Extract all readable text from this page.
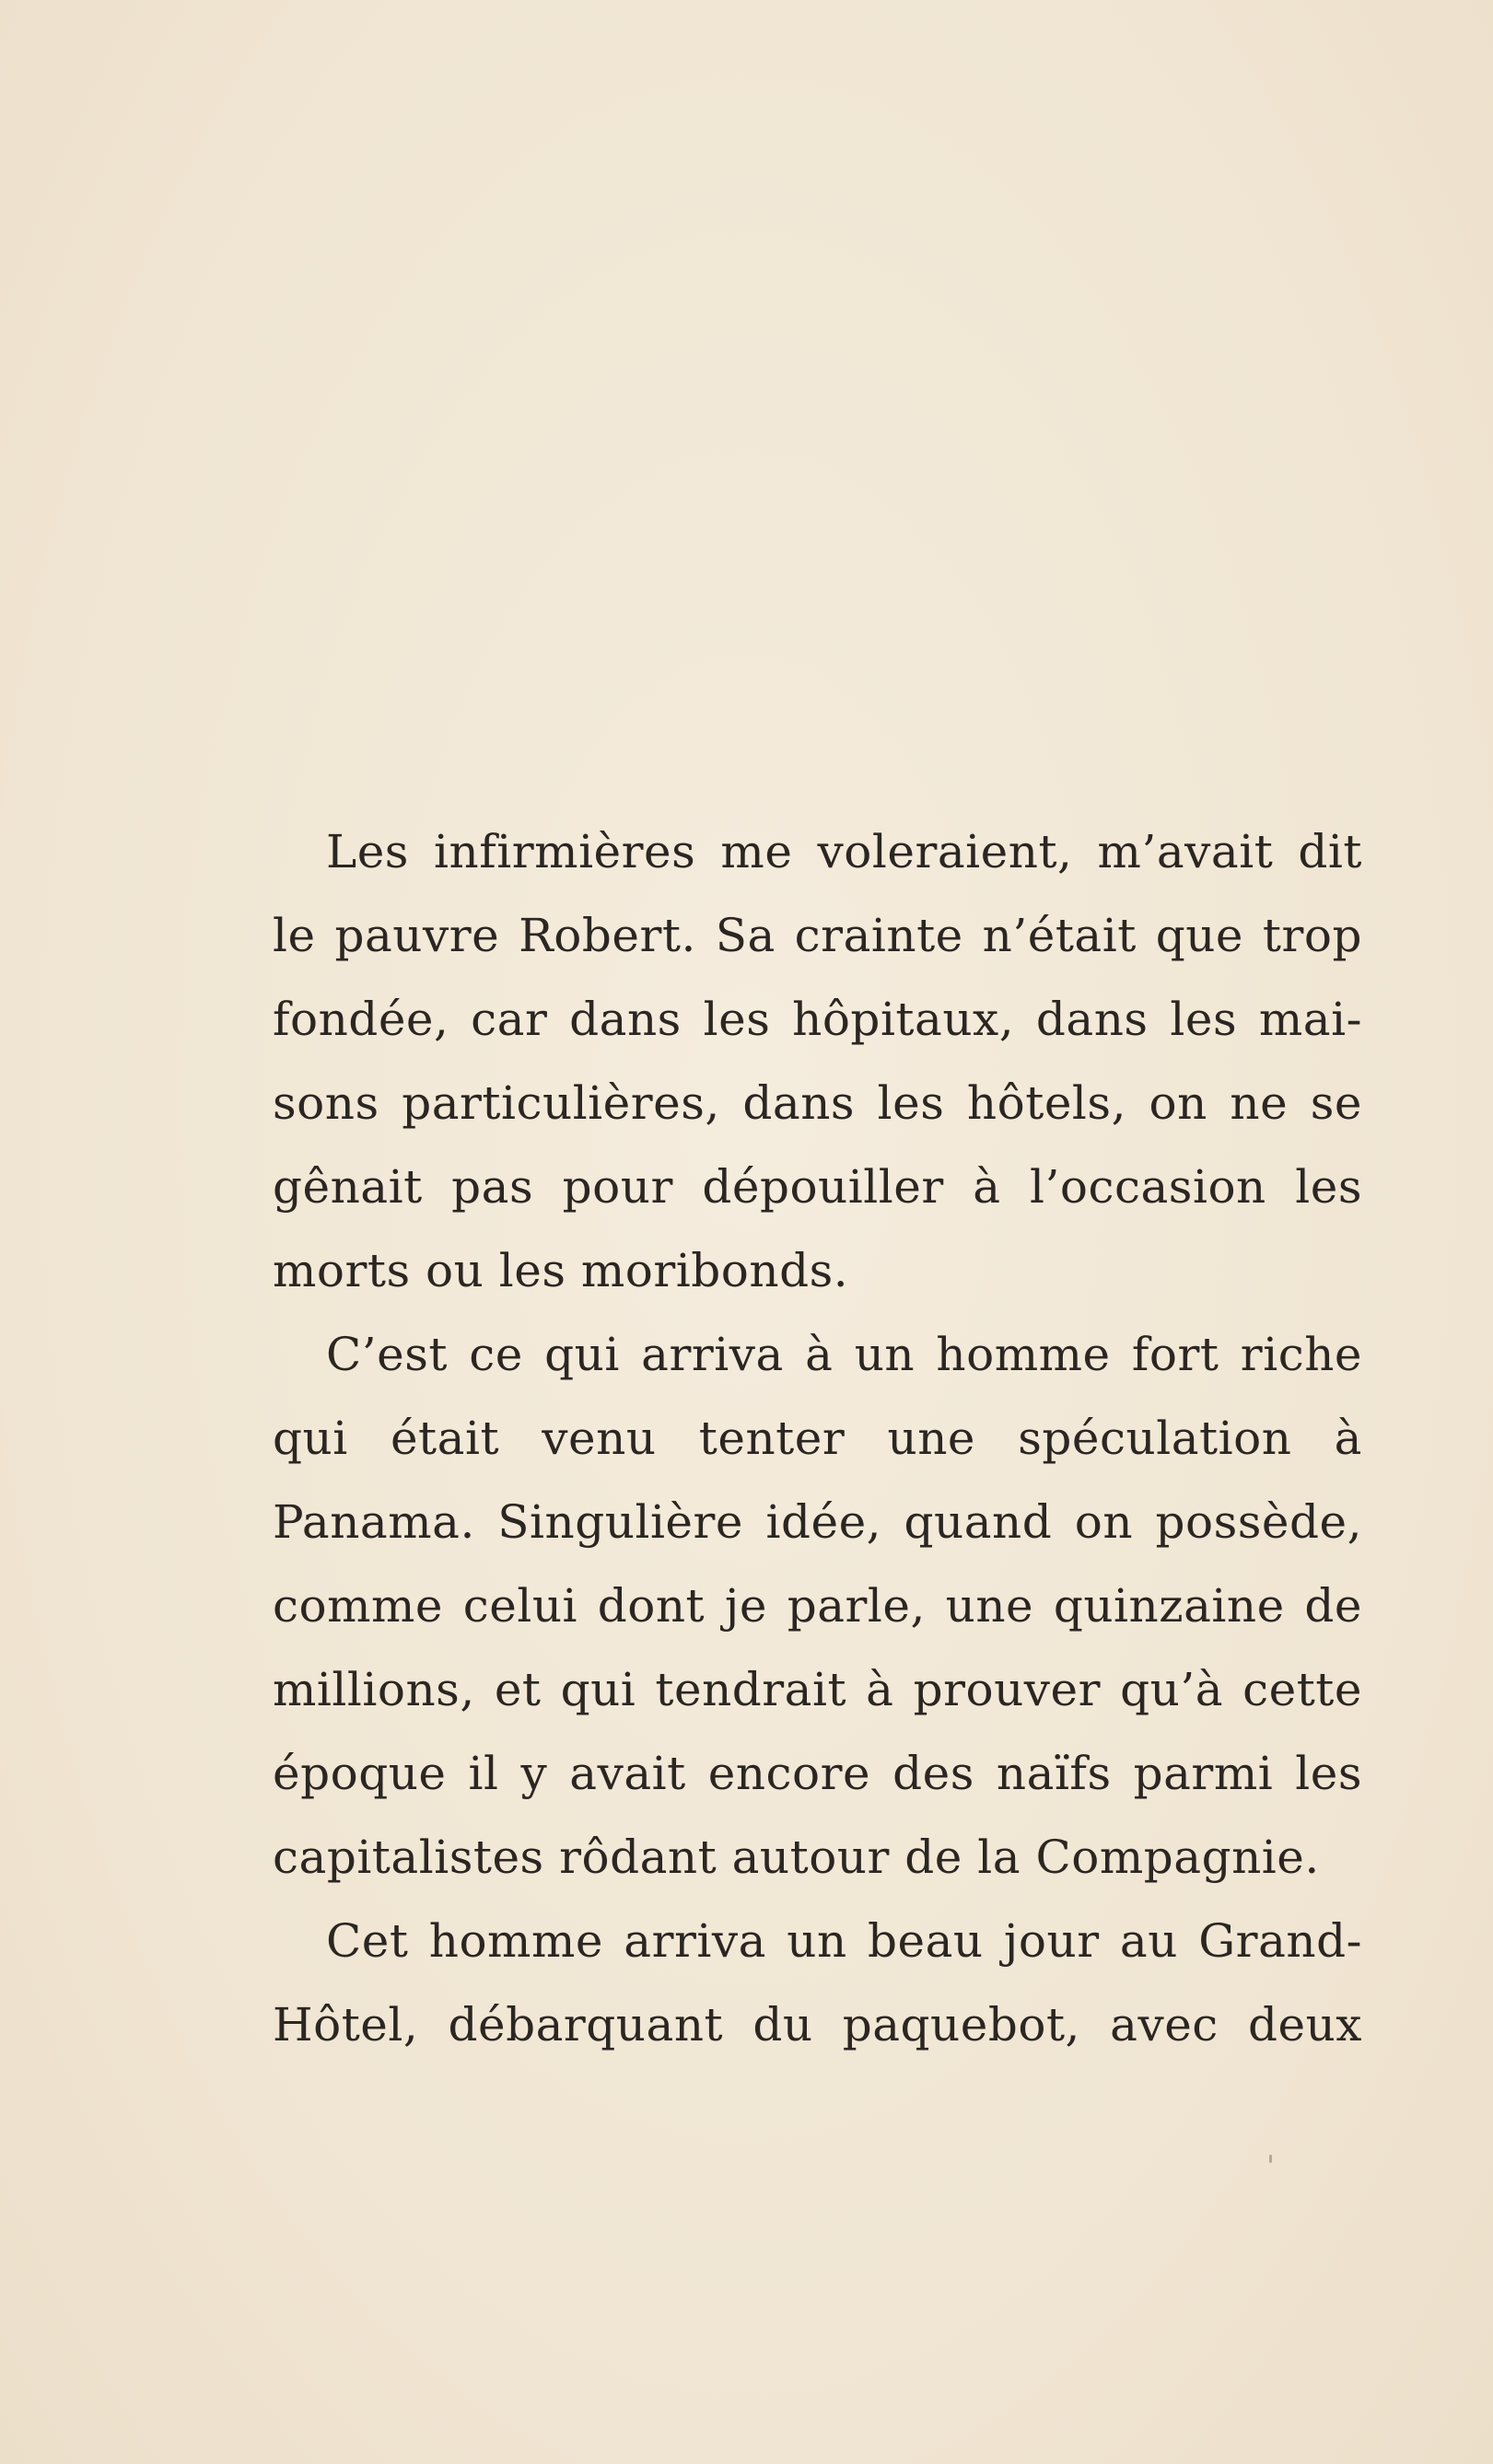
Les infirmières me voleraient, m’avait dit
le pauvre Robert. Sa crainte n’était que trop
fondée, car dans les hôpitaux, dans les mai-
sons particulières, dans les hôtels, on ne se
gênait pas pour dépouiller à l’occasion les
morts ou les moribonds.
C’est ce qui arriva à un homme fort riche
qui était venu tenter une spéculation à
Panama. Singulière idée, quand on possède,
comme celui dont je parle, une quinzaine de
millions, et qui tendrait à prouver qu’à cette
époque il y avait encore des naïfs parmi les
capitalistes rôdant autour de la Compagnie.
Cet homme arriva un beau jour au Grand-
Hôtel, débarquant du paquebot, avec deux
